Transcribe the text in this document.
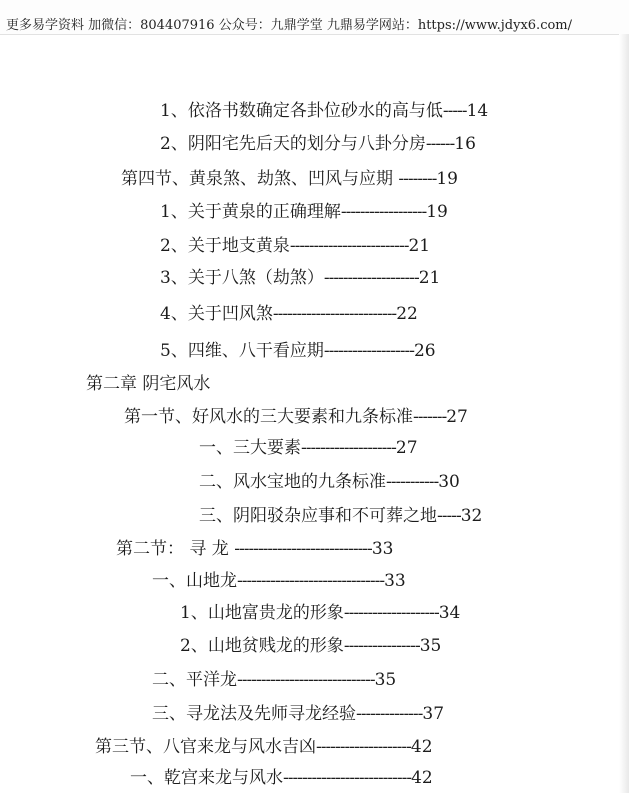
更多易学资料 加微信：804407916 公众号：九鼎学堂 九鼎易学网站：https://www.jdyx6.com/
1、依洛书数确定各卦位砂水的高与低-----14
2、阴阳宅先后天的划分与八卦分房------16
第四节、黄泉煞、劫煞、凹风与应期 --------19
1、关于黄泉的正确理解------------------19
2、关于地支黄泉-------------------------21
3、关于八煞（劫煞）--------------------21
4、关于凹风煞--------------------------22
5、四维、八干看应期-------------------26
第二章 阴宅风水
第一节、好风水的三大要素和九条标准-------27
一、三大要素--------------------27
二、风水宝地的九条标准-----------30
三、阴阳驳杂应事和不可葬之地-----32
第二节： 寻 龙 -----------------------------33
一、山地龙-------------------------------33
1、山地富贵龙的形象--------------------34
2、山地贫贱龙的形象----------------35
二、平洋龙-----------------------------35
三、寻龙法及先师寻龙经验--------------37
第三节、八官来龙与风水吉凶--------------------42
一、乾宫来龙与风水---------------------------42
